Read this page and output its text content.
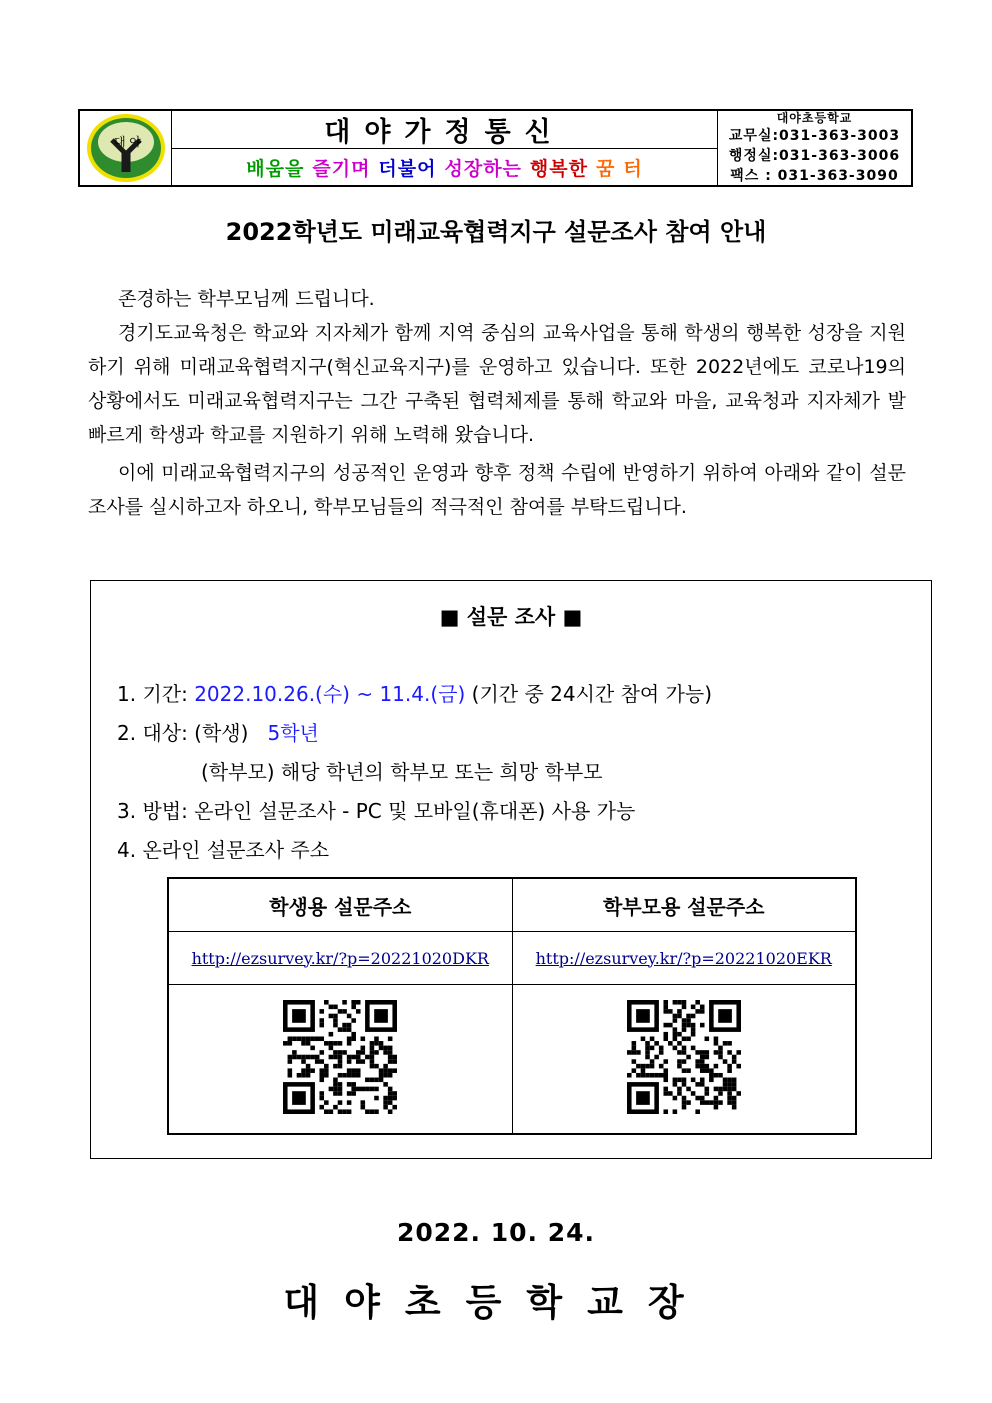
대 야	대야가정통신
배움을 즐기며 더불어 성장하는 행복한 꿈 터
대야초등학교
교무실:031-363-3003
행정실:031-363-3006
팩스 : 031-363-3090
2022학년도 미래교육협력지구 설문조사 참여 안내

존경하는 학부모님께 드립니다.

경기도교육청은 학교와 지자체가 함께 지역 중심의 교육사업을 통해 학생의 행복한 성장을 지원하기 위해 미래교육협력지구(혁신교육지구)를 운영하고 있습니다. 또한 2022년에도 코로나19의 상황에서도 미래교육협력지구는 그간 구축된 협력체제를 통해 학교와 마을, 교육청과 지자체가 발 빠르게 학생과 학교를 지원하기 위해 노력해 왔습니다.

이에 미래교육협력지구의 성공적인 운영과 향후 정책 수립에 반영하기 위하여 아래와 같이 설문조사를 실시하고자 하오니, 학부모님들의 적극적인 참여를 부탁드립니다.

■ 설문 조사 ■
1. 기간: 2022.10.26.(수) ~ 11.4.(금) (기간 중 24시간 참여 가능)
2. 대상: (학생) 5학년
(학부모) 해당 학년의 학부모 또는 희망 학부모
3. 방법: 온라인 설문조사 - PC 및 모바일(휴대폰) 사용 가능
4. 온라인 설문조사 주소
학생용 설문주소	학부모용 설문주소
http://ezsurvey.kr/?p=20221020DKR	http://ezsurvey.kr/?p=20221020EKR

2022. 10. 24.
대야초등학교장
